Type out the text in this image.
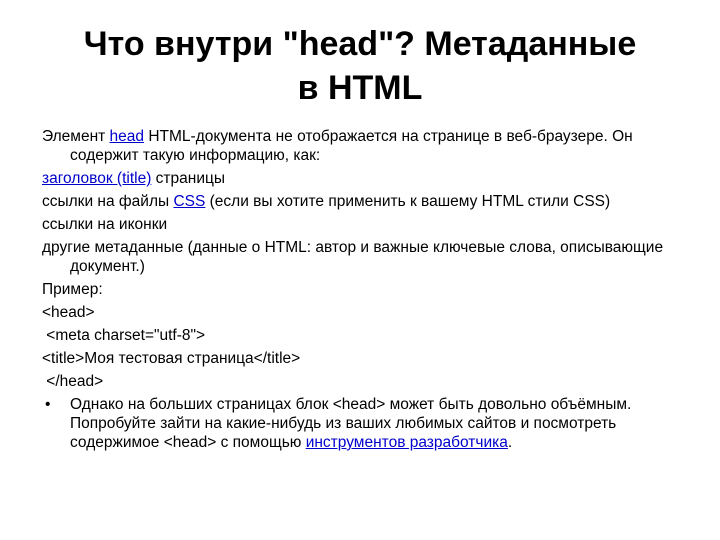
Что внутри "head"? Метаданные
в HTML

Элемент head HTML-документа не отображается на странице в веб-браузере. Он содержит такую информацию, как:

заголовок (title) страницы

ссылки на файлы CSS (если вы хотите применить к вашему HTML стили CSS)

ссылки на иконки

другие метаданные (данные о HTML: автор и важные ключевые слова, описывающие документ.)

Пример:

<head>

<meta charset="utf-8">

<title>Моя тестовая страница</title>

</head>

• Однако на больших страницах блок <head> может быть довольно объёмным. Попробуйте зайти на какие-нибудь из ваших любимых сайтов и посмотреть содержимое <head> с помощью инструментов разработчика.
